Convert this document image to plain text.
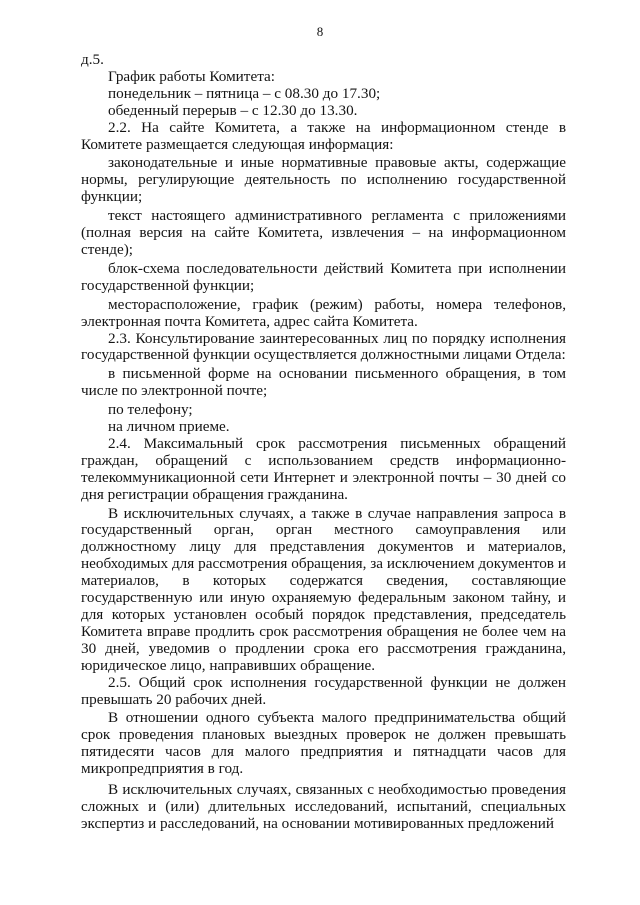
8

д.5.

График работы Комитета:

понедельник – пятница – с 08.30 до 17.30;

обеденный перерыв – с 12.30 до 13.30.

2.2. На сайте Комитета, а также на информационном стенде в Комитете размещается следующая информация:

законодательные и иные нормативные правовые акты, содержащие нормы, регулирующие деятельность по исполнению государственной функции;

текст настоящего административного регламента с приложениями (полная версия на сайте Комитета, извлечения – на информационном стенде);

блок-схема последовательности действий Комитета при исполнении государственной функции;

месторасположение, график (режим) работы, номера телефонов, электронная почта Комитета, адрес сайта Комитета.

2.3. Консультирование заинтересованных лиц по порядку исполнения государственной функции осуществляется должностными лицами Отдела:

в письменной форме на основании письменного обращения, в том числе по электронной почте;

по телефону;

на личном приеме.

2.4. Максимальный срок рассмотрения письменных обращений граждан, обращений с использованием средств информационно-телекоммуникационной сети Интернет и электронной почты – 30 дней со дня регистрации обращения гражданина.

В исключительных случаях, а также в случае направления запроса в государственный орган, орган местного самоуправления или должностному лицу для представления документов и материалов, необходимых для рассмотрения обращения, за исключением документов и материалов, в которых содержатся сведения, составляющие государственную или иную охраняемую федеральным законом тайну, и для которых установлен особый порядок представления, председатель Комитета вправе продлить срок рассмотрения обращения не более чем на 30 дней, уведомив о продлении срока его рассмотрения гражданина, юридическое лицо, направивших обращение.

2.5. Общий срок исполнения государственной функции не должен превышать 20 рабочих дней.

В отношении одного субъекта малого предпринимательства общий срок проведения плановых выездных проверок не должен превышать пятидесяти часов для малого предприятия и пятнадцати часов для микропредприятия в год.

В исключительных случаях, связанных с необходимостью проведения сложных и (или) длительных исследований, испытаний, специальных экспертиз и расследований, на основании мотивированных предложений
